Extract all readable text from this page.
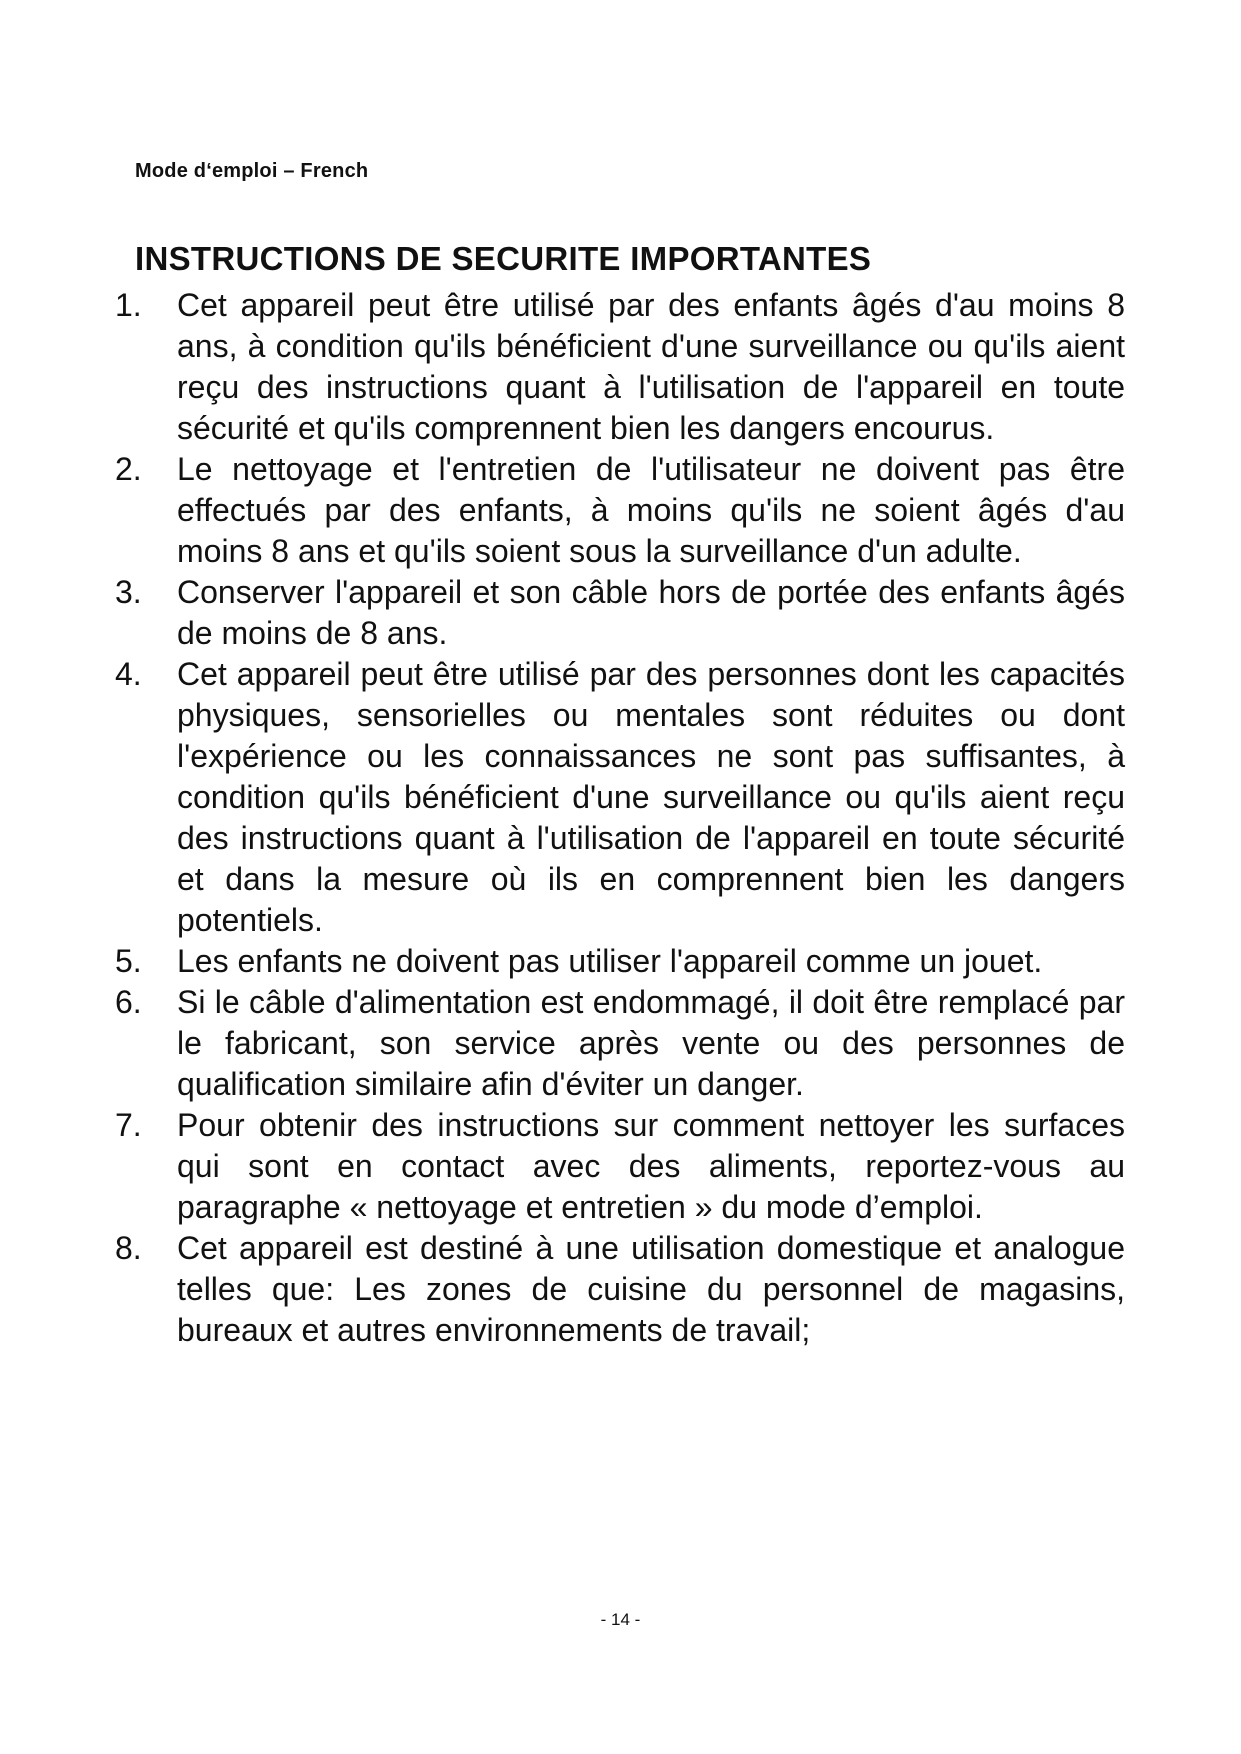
Mode d‘emploi – French
INSTRUCTIONS DE SECURITE IMPORTANTES
1.	Cet appareil peut être utilisé par des enfants âgés d'au moins 8 ans, à condition qu'ils bénéficient d'une surveillance ou qu'ils aient reçu des instructions quant à l'utilisation de l'appareil en toute sécurité et qu'ils comprennent bien les dangers encourus.
2.	Le nettoyage et l'entretien de l'utilisateur ne doivent pas être effectués par des enfants, à moins qu'ils ne soient âgés d'au moins 8 ans et qu'ils soient sous la surveillance d'un adulte.
3.	Conserver l'appareil et son câble hors de portée des enfants âgés de moins de 8 ans.
4.	Cet appareil peut être utilisé par des personnes dont les capacités physiques, sensorielles ou mentales sont réduites ou dont l'expérience ou les connaissances ne sont pas suffisantes, à condition qu'ils bénéficient d'une surveillance ou qu'ils aient reçu des instructions quant à l'utilisation de l'appareil en toute sécurité et dans la mesure où ils en comprennent bien les dangers potentiels.
5.	Les enfants ne doivent pas utiliser l'appareil comme un jouet.
6.	Si le câble d'alimentation est endommagé, il doit être remplacé par le fabricant, son service après vente ou des personnes de qualification similaire afin d'éviter un danger.
7.	Pour obtenir des instructions sur comment nettoyer les surfaces qui sont en contact avec des aliments, reportez-vous au paragraphe « nettoyage et entretien » du mode d’emploi.
8.	Cet appareil est destiné à une utilisation domestique et analogue telles que: Les zones de cuisine du personnel de magasins, bureaux et autres environnements de travail;
- 14 -
